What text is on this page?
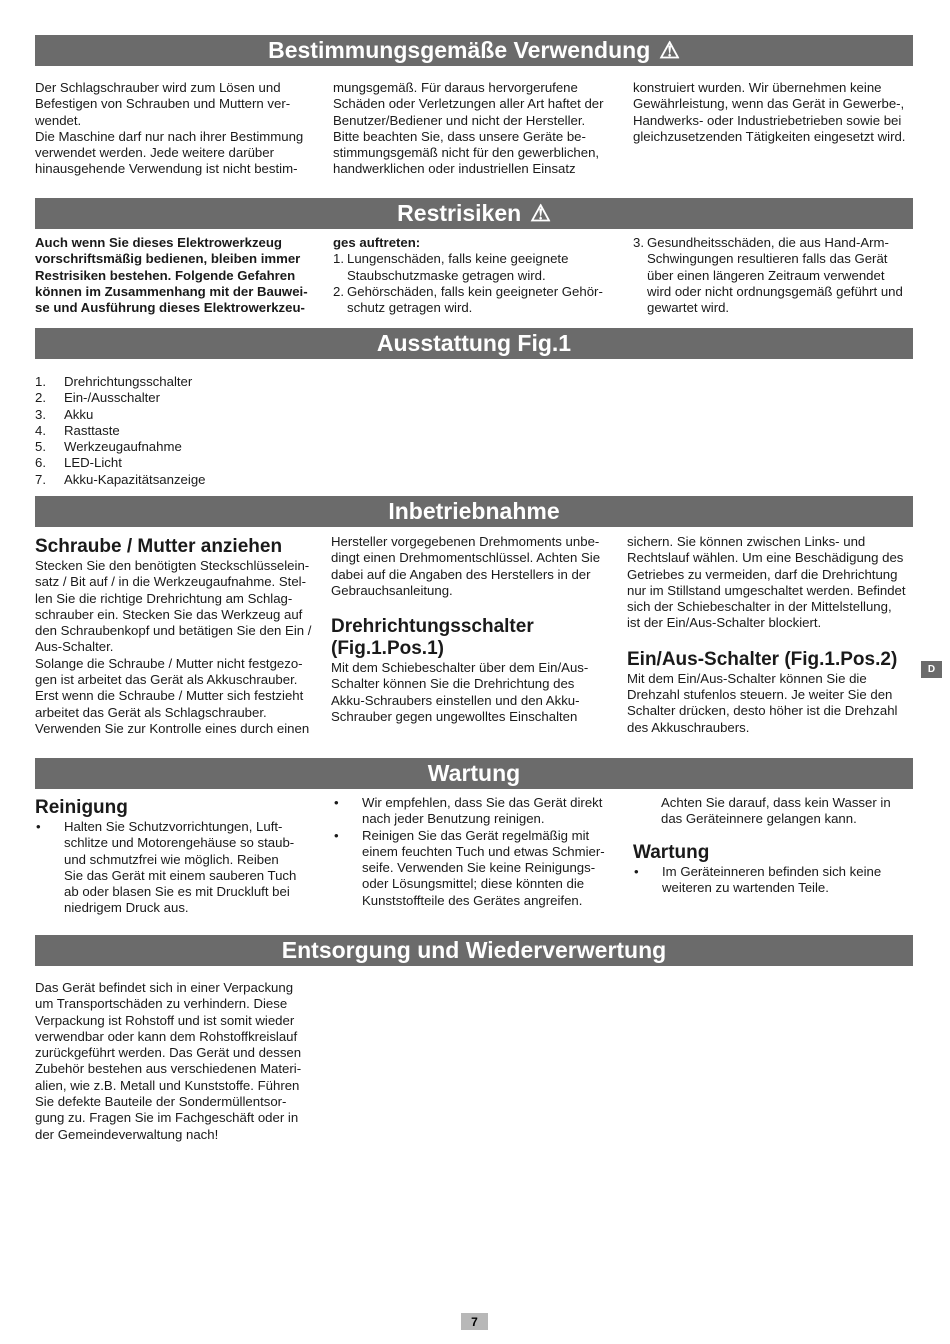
Bestimmungsgemäße Verwendung ⚠
Der Schlagschrauber wird zum Lösen und
Befestigen von Schrauben und Muttern ver-
wendet.
Die Maschine darf nur nach ihrer Bestimmung
verwendet werden. Jede weitere darüber
hinausgehende Verwendung ist nicht bestim-
mungsgemäß. Für daraus hervorgerufene
Schäden oder Verletzungen aller Art haftet der
Benutzer/Bediener und nicht der Hersteller.
Bitte beachten Sie, dass unsere Geräte be-
stimmungsgemäß nicht für den gewerblichen,
handwerklichen oder industriellen Einsatz
konstruiert wurden. Wir übernehmen keine
Gewährleistung, wenn das Gerät in Gewerbe-,
Handwerks- oder Industriebetrieben sowie bei
gleichzusetzenden Tätigkeiten eingesetzt wird.
Restrisiken ⚠
Auch wenn Sie dieses Elektrowerkzeug
vorschriftsmäßig bedienen, bleiben immer
Restrisiken bestehen. Folgende Gefahren
können im Zusammenhang mit der Bauwei-
se und Ausführung dieses Elektrowerkzeu-

ges auftreten:

1. Lungenschäden, falls keine geeignete
Staubschutzmaske getragen wird.
2. Gehörschäden, falls kein geeigneter Gehör-
schutz getragen wird.
3. Gesundheitsschäden, die aus Hand-Arm-
Schwingungen resultieren falls das Gerät
über einen längeren Zeitraum verwendet
wird oder nicht ordnungsgemäß geführt und
gewartet wird.
Ausstattung Fig.1
1.	Drehrichtungsschalter
2.	Ein-/Ausschalter
3.	Akku
4.	Rasttaste
5.	Werkzeugaufnahme
6.	LED-Licht
7.	Akku-Kapazitätsanzeige
Inbetriebnahme
Schraube / Mutter anziehen
Stecken Sie den benötigten Steckschlüsselein-
satz / Bit auf / in die Werkzeugaufnahme. Stel-
len Sie die richtige Drehrichtung am Schlag-
schrauber ein. Stecken Sie das Werkzeug auf
den Schraubenkopf und betätigen Sie den Ein /
Aus-Schalter.
Solange die Schraube / Mutter nicht festgezo-
gen ist arbeitet das Gerät als Akkuschrauber.
Erst wenn die Schraube / Mutter sich festzieht
arbeitet das Gerät als Schlagschrauber.
Verwenden Sie zur Kontrolle eines durch einen
Hersteller vorgegebenen Drehmoments unbe-
dingt einen Drehmomentschlüssel. Achten Sie
dabei auf die Angaben des Herstellers in der
Gebrauchsanleitung.
Drehrichtungsschalter
(Fig.1.Pos.1)
Mit dem Schiebeschalter über dem Ein/Aus-
Schalter können Sie die Drehrichtung des
Akku-Schraubers einstellen und den Akku-
Schrauber gegen ungewolltes Einschalten
sichern. Sie können zwischen Links- und
Rechtslauf wählen. Um eine Beschädigung des
Getriebes zu vermeiden, darf die Drehrichtung
nur im Stillstand umgeschaltet werden. Befindet
sich der Schiebeschalter in der Mittelstellung,
ist der Ein/Aus-Schalter blockiert.
Ein/Aus-Schalter (Fig.1.Pos.2)
Mit dem Ein/Aus-Schalter können Sie die
Drehzahl stufenlos steuern. Je weiter Sie den
Schalter drücken, desto höher ist die Drehzahl
des Akkuschraubers.
Wartung
Reinigung
•	Halten Sie Schutzvorrichtungen, Luft-
schlitze und Motorengehäuse so staub-
und schmutzfrei wie möglich. Reiben
Sie das Gerät mit einem sauberen Tuch
ab oder blasen Sie es mit Druckluft bei
niedrigem Druck aus.
•	Wir empfehlen, dass Sie das Gerät direkt
nach jeder Benutzung reinigen.
•	Reinigen Sie das Gerät regelmäßig mit
einem feuchten Tuch und etwas Schmier-
seife. Verwenden Sie keine Reinigungs-
oder Lösungsmittel; diese könnten die
Kunststoffteile des Gerätes angreifen.
Achten Sie darauf, dass kein Wasser in
das Geräteinnere gelangen kann.
Wartung
•	Im Geräteinneren befinden sich keine
weiteren zu wartenden Teile.
Entsorgung und Wiederverwertung
Das Gerät befindet sich in einer Verpackung
um Transportschäden zu verhindern. Diese
Verpackung ist Rohstoff und ist somit wieder
verwendbar oder kann dem Rohstoffkreislauf
zurückgeführt werden. Das Gerät und dessen
Zubehör bestehen aus verschiedenen Materi-
alien, wie z.B. Metall und Kunststoffe. Führen
Sie defekte Bauteile der Sondermüllentsor-
gung zu. Fragen Sie im Fachgeschäft oder in
der Gemeindeverwaltung nach!
D
7
